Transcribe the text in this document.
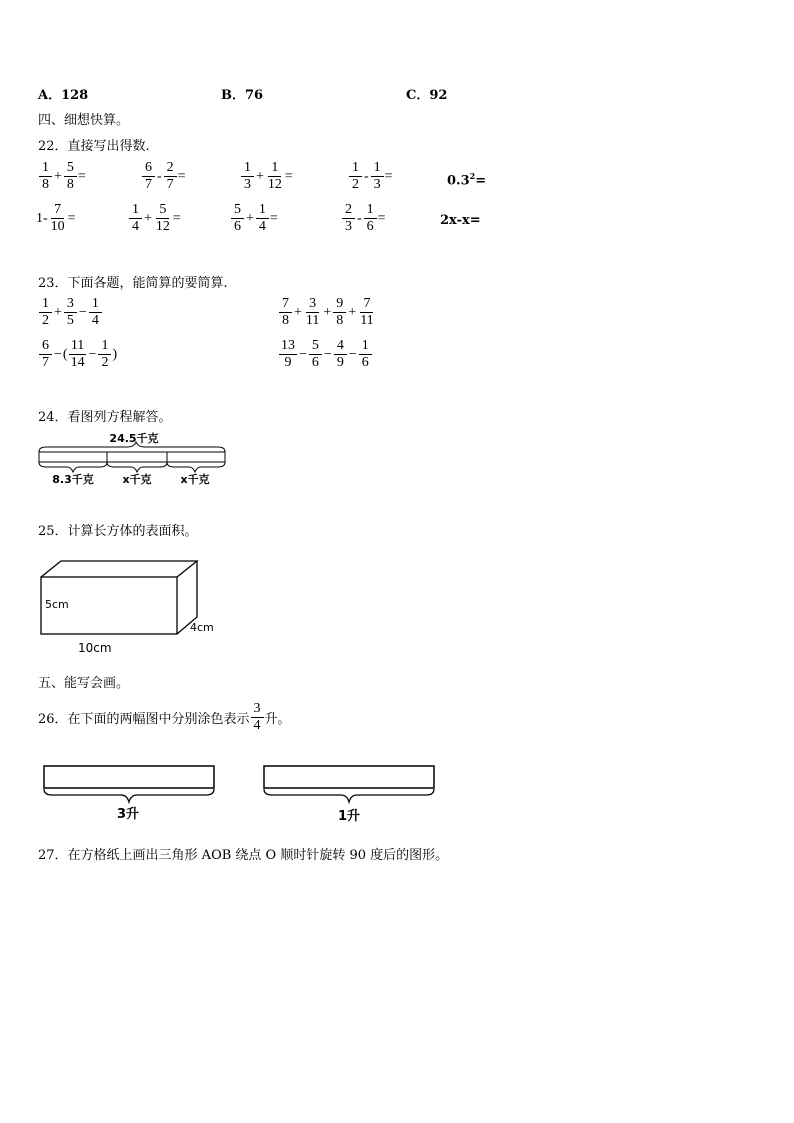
A．128	B．76	C．92
四、细想快算。
22．直接写出得数.
$\frac{1}{8} + \frac{5}{8}$ =	$\frac{6}{7} - \frac{2}{7}$ =	$\frac{1}{3} + \frac{1}{12}$ =	$\frac{1}{2} - \frac{1}{3}$ =	$0.3^2=$
$1- \frac{7}{10}$ =	$\frac{1}{4} + \frac{5}{12}$ =	$\frac{5}{6} + \frac{1}{4}$ =	$\frac{2}{3} - \frac{1}{6}$ =	2x-x=
23．下面各题，能简算的要简算.
$\frac{1}{2} + \frac{3}{5} - \frac{1}{4}$	$\frac{7}{8} + \frac{3}{11} + \frac{9}{8} + \frac{7}{11}$
$\frac{6}{7}$ − ( $\frac{11}{14} - \frac{1}{2}$ )	$\frac{13}{9} - \frac{5}{6} - \frac{4}{9} - \frac{1}{6}$
24．看图列方程解答。
24.5千克
8.3千克	x千克	x千克
25．计算长方体的表面积。
5cm
4cm
10cm
五、能写会画。
26．在下面的两幅图中分别涂色表示 $\frac{3}{4}$ 升。
3升	1升
27．在方格纸上画出三角形 AOB 绕点 O 顺时针旋转 90 度后的图形。
